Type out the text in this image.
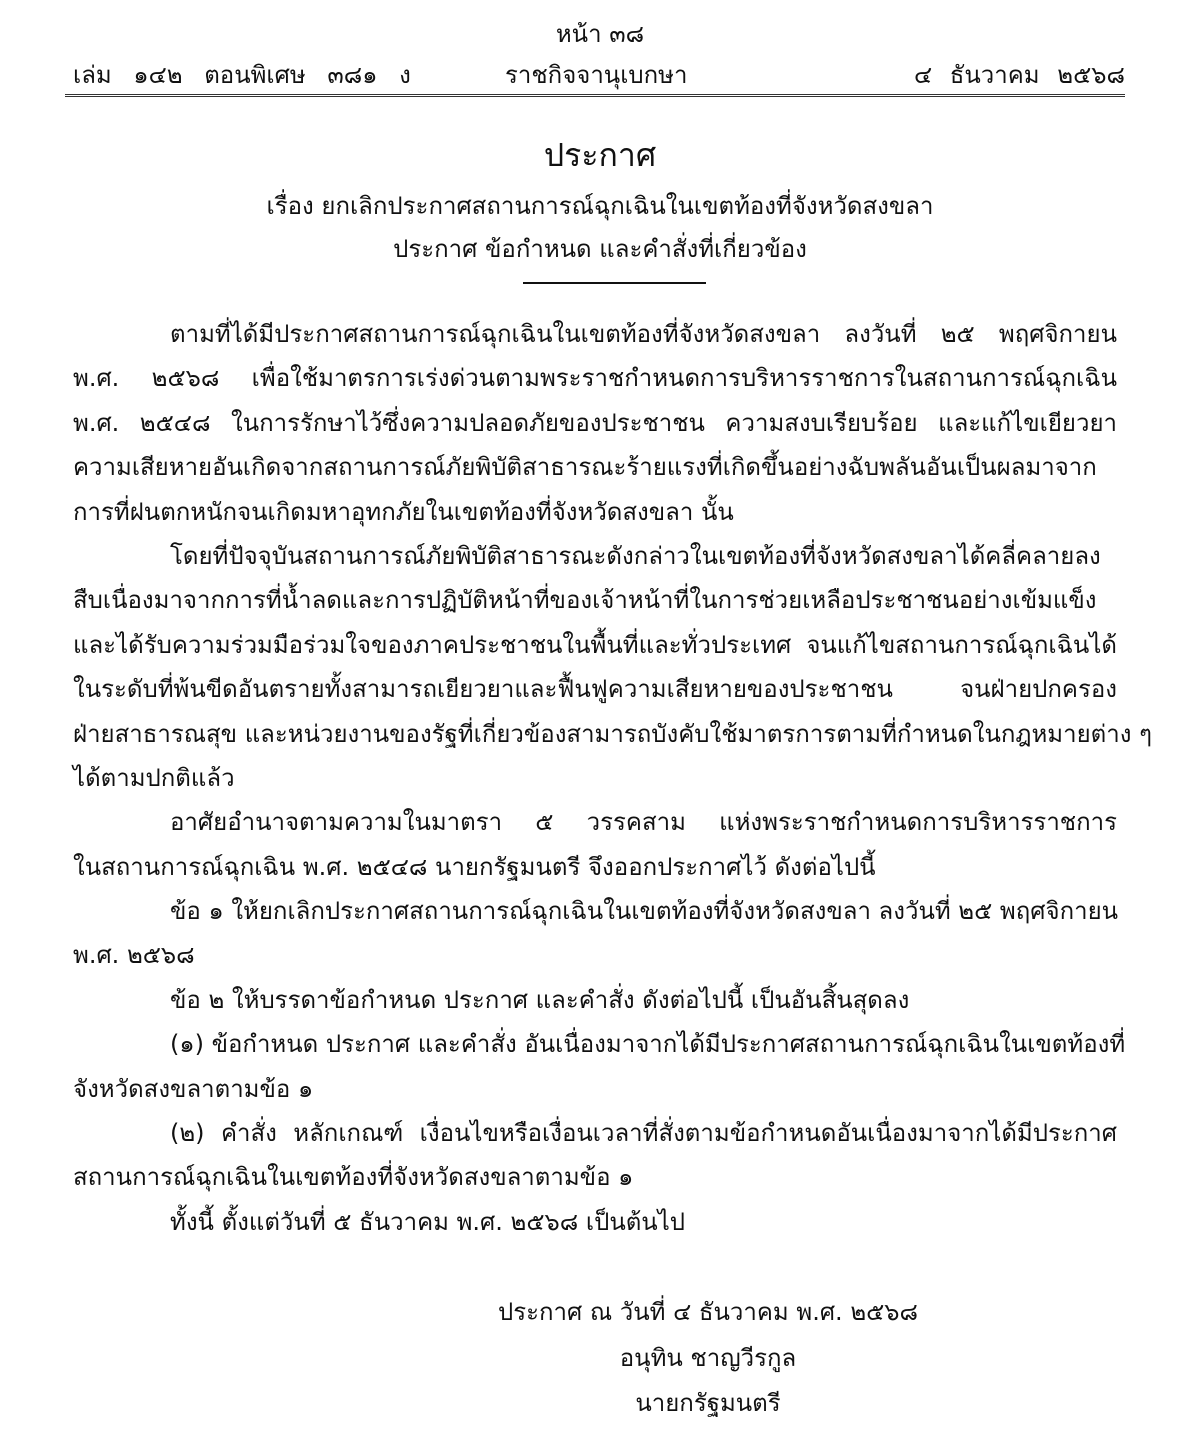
หน้า ๓๘
เล่ม ๑๔๒ ตอนพิเศษ ๓๘๑ ง	ราชกิจจานุเบกษา	๔ ธันวาคม ๒๕๖๘
ประกาศ
เรื่อง ยกเลิกประกาศสถานการณ์ฉุกเฉินในเขตท้องที่จังหวัดสงขลา
ประกาศ ข้อกำหนด และคำสั่งที่เกี่ยวข้อง
ตามที่ได้มีประกาศสถานการณ์ฉุกเฉินในเขตท้องที่จังหวัดสงขลา ลงวันที่ ๒๕ พฤศจิกายน
พ.ศ. ๒๕๖๘ เพื่อใช้มาตรการเร่งด่วนตามพระราชกำหนดการบริหารราชการในสถานการณ์ฉุกเฉิน
พ.ศ. ๒๕๔๘ ในการรักษาไว้ซึ่งความปลอดภัยของประชาชน ความสงบเรียบร้อย และแก้ไขเยียวยา
ความเสียหายอันเกิดจากสถานการณ์ภัยพิบัติสาธารณะร้ายแรงที่เกิดขึ้นอย่างฉับพลันอันเป็นผลมาจาก
การที่ฝนตกหนักจนเกิดมหาอุทกภัยในเขตท้องที่จังหวัดสงขลา นั้น
โดยที่ปัจจุบันสถานการณ์ภัยพิบัติสาธารณะดังกล่าวในเขตท้องที่จังหวัดสงขลาได้คลี่คลายลง
สืบเนื่องมาจากการที่น้ำลดและการปฏิบัติหน้าที่ของเจ้าหน้าที่ในการช่วยเหลือประชาชนอย่างเข้มแข็ง
และได้รับความร่วมมือร่วมใจของภาคประชาชนในพื้นที่และทั่วประเทศ จนแก้ไขสถานการณ์ฉุกเฉินได้
ในระดับที่พ้นขีดอันตรายทั้งสามารถเยียวยาและฟื้นฟูความเสียหายของประชาชน จนฝ่ายปกครอง
ฝ่ายสาธารณสุข และหน่วยงานของรัฐที่เกี่ยวข้องสามารถบังคับใช้มาตรการตามที่กำหนดในกฎหมายต่าง ๆ
ได้ตามปกติแล้ว
อาศัยอำนาจตามความในมาตรา ๕ วรรคสาม แห่งพระราชกำหนดการบริหารราชการ
ในสถานการณ์ฉุกเฉิน พ.ศ. ๒๕๔๘ นายกรัฐมนตรี จึงออกประกาศไว้ ดังต่อไปนี้
ข้อ ๑ ให้ยกเลิกประกาศสถานการณ์ฉุกเฉินในเขตท้องที่จังหวัดสงขลา ลงวันที่ ๒๕ พฤศจิกายน
พ.ศ. ๒๕๖๘
ข้อ ๒ ให้บรรดาข้อกำหนด ประกาศ และคำสั่ง ดังต่อไปนี้ เป็นอันสิ้นสุดลง
(๑) ข้อกำหนด ประกาศ และคำสั่ง อันเนื่องมาจากได้มีประกาศสถานการณ์ฉุกเฉินในเขตท้องที่
จังหวัดสงขลาตามข้อ ๑
(๒) คำสั่ง หลักเกณฑ์ เงื่อนไขหรือเงื่อนเวลาที่สั่งตามข้อกำหนดอันเนื่องมาจากได้มีประกาศ
สถานการณ์ฉุกเฉินในเขตท้องที่จังหวัดสงขลาตามข้อ ๑
ทั้งนี้ ตั้งแต่วันที่ ๕ ธันวาคม พ.ศ. ๒๕๖๘ เป็นต้นไป
ประกาศ ณ วันที่ ๔ ธันวาคม พ.ศ. ๒๕๖๘
อนุทิน ชาญวีรกูล
นายกรัฐมนตรี
